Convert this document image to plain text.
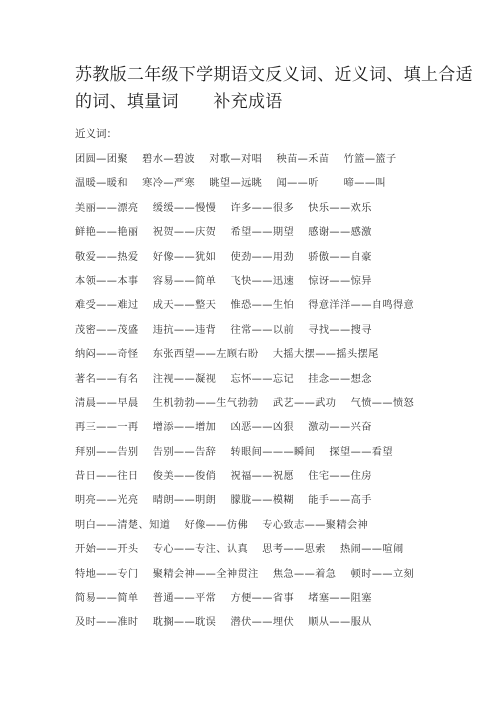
苏教版二年级下学期语文反义词、近义词、填上合适
的词、填量词　　补充成语

近义词：

团圆—团聚　 碧水—碧波　 对歌—对唱　 秧苗—禾苗　 竹篮—篮子
温暖—暖和　 寒冷—严寒　 眺望—远眺　 闻——听　　 啼——叫
美丽——漂亮　 缓缓——慢慢　 许多——很多　 快乐——欢乐
鲜艳——艳丽　 祝贺——庆贺　 希望——期望　 感谢——感激
敬爱——热爱　 好像——犹如　 使劲——用劲　 骄傲——自豪
本领——本事　 容易——简单　 飞快——迅速　 惊讶——惊异
难受——难过　 成天——整天　 惟恐——生怕　 得意洋洋——自鸣得意
茂密——茂盛　 违抗——违背　 往常——以前　 寻找——搜寻
纳闷——奇怪　 东张西望——左顾右盼　 大摇大摆——摇头摆尾
著名——有名　 注视——凝视　 忘怀——忘记　 挂念——想念
清晨——早晨　 生机勃勃——生气勃勃　 武艺——武功　 气愤——愤怒
再三——一再　 增添——增加　 凶恶——凶狠　 激动——兴奋
拜别——告别　 告别——告辞　 转眼间———瞬间　 探望——看望
昔日——往日　 俊美——俊俏　 祝福——祝愿　 住宅——住房
明亮——光亮　 晴朗——明朗　 朦胧——模糊　 能手——高手
明白——清楚、知道　 好像——仿佛　 专心致志——聚精会神
开始——开头　 专心——专注、认真　 思考——思索　 热闹——喧闹
特地——专门　 聚精会神——全神贯注　 焦急——着急　 顿时——立刻
简易——简单　 普通——平常　 方便——省事　 堵塞——阻塞
及时——准时　 耽搁——耽误　 潜伏——埋伏　 顺从——服从
